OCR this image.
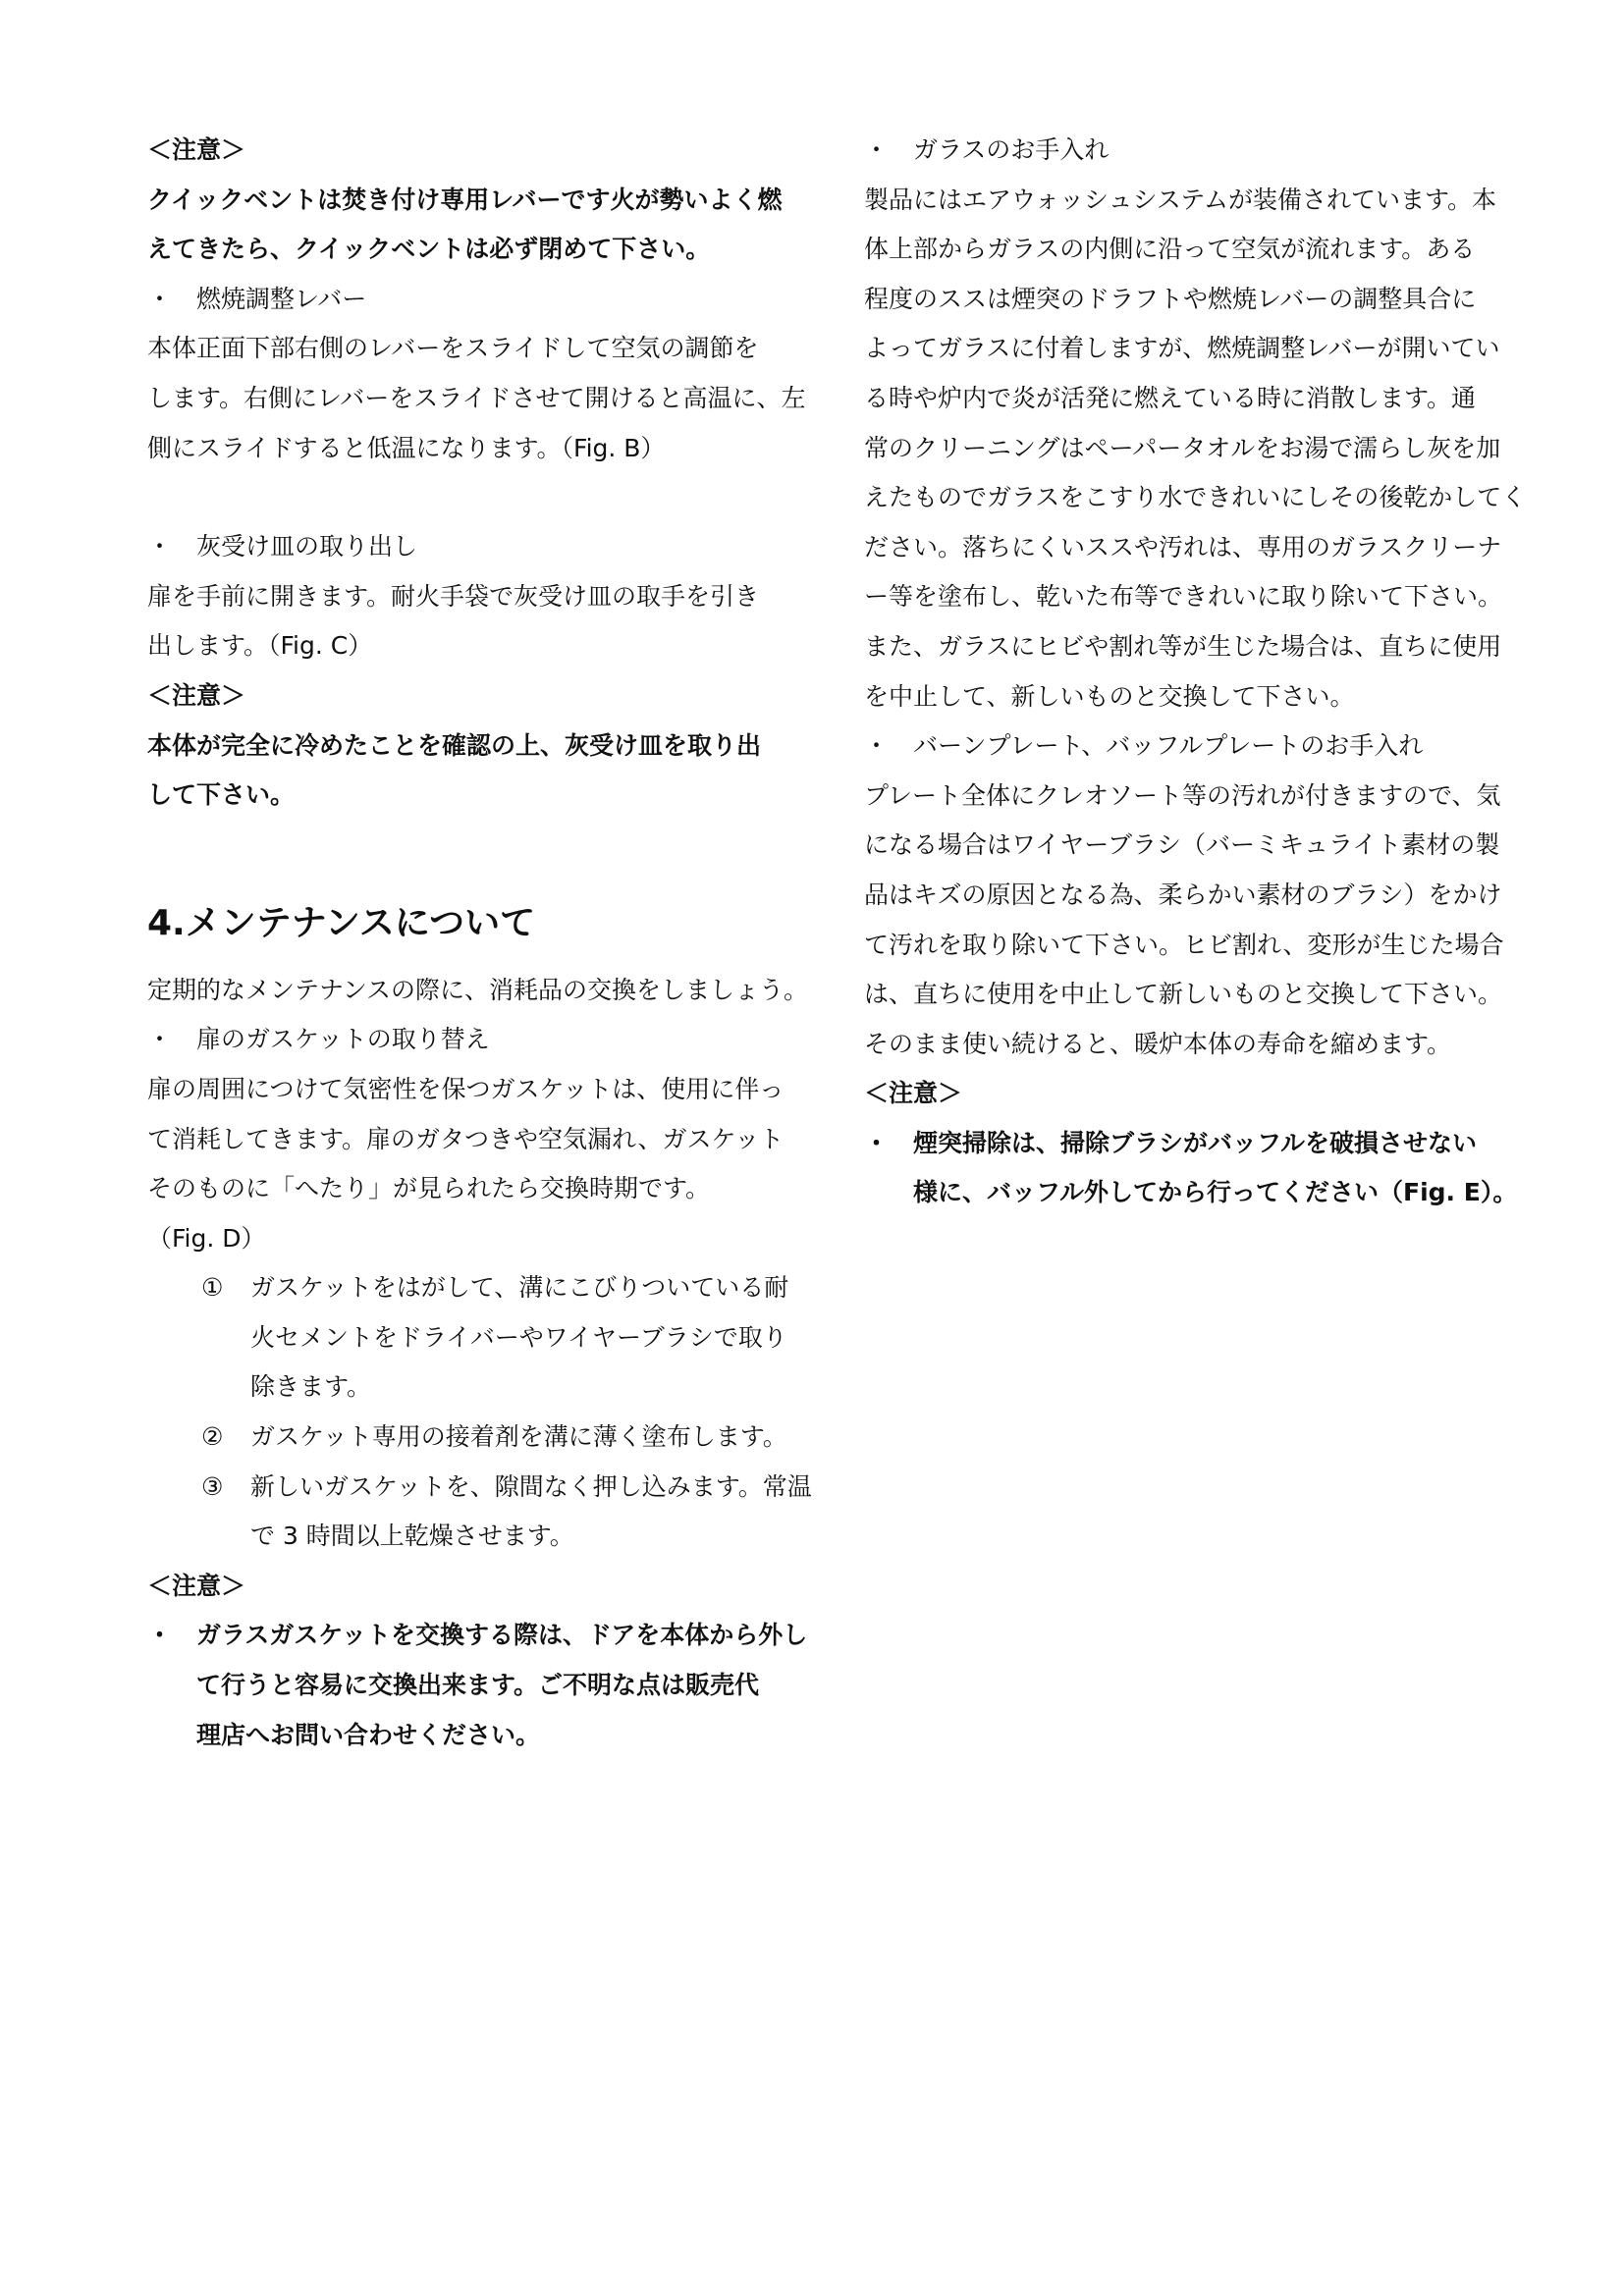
＜注意＞
クイックベントは焚き付け専用レバーです火が勢いよく燃
えてきたら、クイックベントは必ず閉めて下さい。
・ 燃焼調整レバー
本体正面下部右側のレバーをスライドして空気の調節を
します。右側にレバーをスライドさせて開けると高温に、左
側にスライドすると低温になります。（Fig. B）
・ 灰受け皿の取り出し
扉を手前に開きます。耐火手袋で灰受け皿の取手を引き
出します。（Fig. C）
＜注意＞
本体が完全に冷めたことを確認の上、灰受け皿を取り出
して下さい。
4.メンテナンスについて
定期的なメンテナンスの際に、消耗品の交換をしましょう。
・ 扉のガスケットの取り替え
扉の周囲につけて気密性を保つガスケットは、使用に伴っ
て消耗してきます。扉のガタつきや空気漏れ、ガスケット
そのものに「へたり」が見られたら交換時期です。
（Fig. D）
①	ガスケットをはがして、溝にこびりついている耐
火セメントをドライバーやワイヤーブラシで取り
除きます。
②	ガスケット専用の接着剤を溝に薄く塗布します。
③	新しいガスケットを、隙間なく押し込みます。常温
で 3 時間以上乾燥させます。
＜注意＞
・ ガラスガスケットを交換する際は、ドアを本体から外し
て行うと容易に交換出来ます。ご不明な点は販売代
理店へお問い合わせください。
・ ガラスのお手入れ
製品にはエアウォッシュシステムが装備されています。本
体上部からガラスの内側に沿って空気が流れます。ある
程度のススは煙突のドラフトや燃焼レバーの調整具合に
よってガラスに付着しますが、燃焼調整レバーが開いてい
る時や炉内で炎が活発に燃えている時に消散します。通
常のクリーニングはペーパータオルをお湯で濡らし灰を加
えたものでガラスをこすり水できれいにしその後乾かしてく
ださい。落ちにくいススや汚れは、専用のガラスクリーナ
ー等を塗布し、乾いた布等できれいに取り除いて下さい。
また、ガラスにヒビや割れ等が生じた場合は、直ちに使用
を中止して、新しいものと交換して下さい。
・ バーンプレート、バッフルプレートのお手入れ
プレート全体にクレオソート等の汚れが付きますので、気
になる場合はワイヤーブラシ（バーミキュライト素材の製
品はキズの原因となる為、柔らかい素材のブラシ）をかけ
て汚れを取り除いて下さい。ヒビ割れ、変形が生じた場合
は、直ちに使用を中止して新しいものと交換して下さい。
そのまま使い続けると、暖炉本体の寿命を縮めます。
＜注意＞
・ 煙突掃除は、掃除ブラシがバッフルを破損させない
様に、バッフル外してから行ってください（Fig. E）。
